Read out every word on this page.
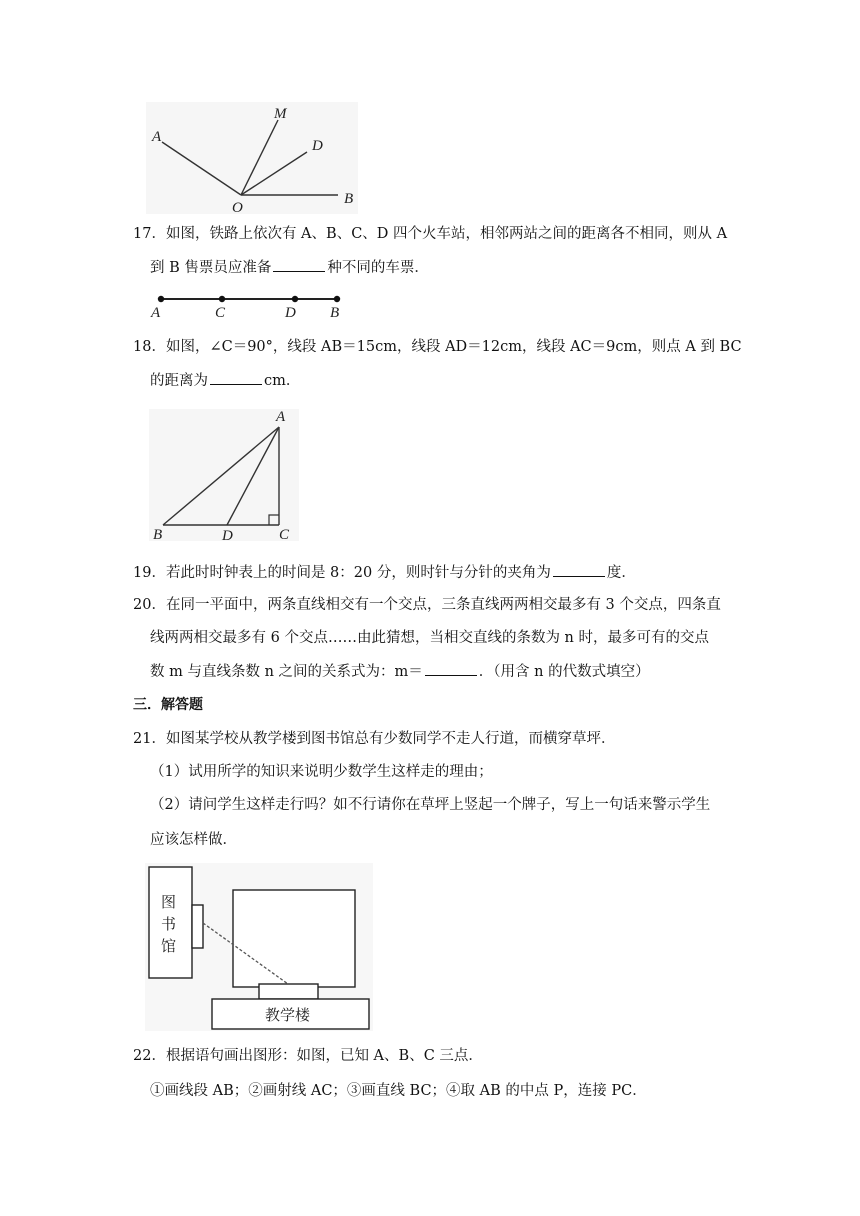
A
M
D
O
B
17．如图，铁路上依次有 A、B、C、D 四个火车站，相邻两站之间的距离各不相同，则从 A
到 B 售票员应准备	种不同的车票．
A	C	D B
18．如图，∠C＝90°，线段 AB＝15cm，线段 AD＝12cm，线段 AC＝9cm，则点 A 到 BC
的距离为	cm．
A
B	D	C
19．若此时时钟表上的时间是 8：20 分，则时针与分针的夹角为	度．
20．在同一平面中，两条直线相交有一个交点，三条直线两两相交最多有 3 个交点，四条直
线两两相交最多有 6 个交点……由此猜想，当相交直线的条数为 n 时，最多可有的交点
数 m 与直线条数 n 之间的关系式为：m＝	．（用含 n 的代数式填空）
三．解答题
21．如图某学校从教学楼到图书馆总有少数同学不走人行道，而横穿草坪．
（1）试用所学的知识来说明少数学生这样走的理由；
（2）请问学生这样走行吗？如不行请你在草坪上竖起一个牌子，写上一句话来警示学生
应该怎样做．
图
书
馆
教学楼
22．根据语句画出图形：如图，已知 A、B、C 三点．
①画线段 AB；②画射线 AC；③画直线 BC；④取 AB 的中点 P，连接 PC．
